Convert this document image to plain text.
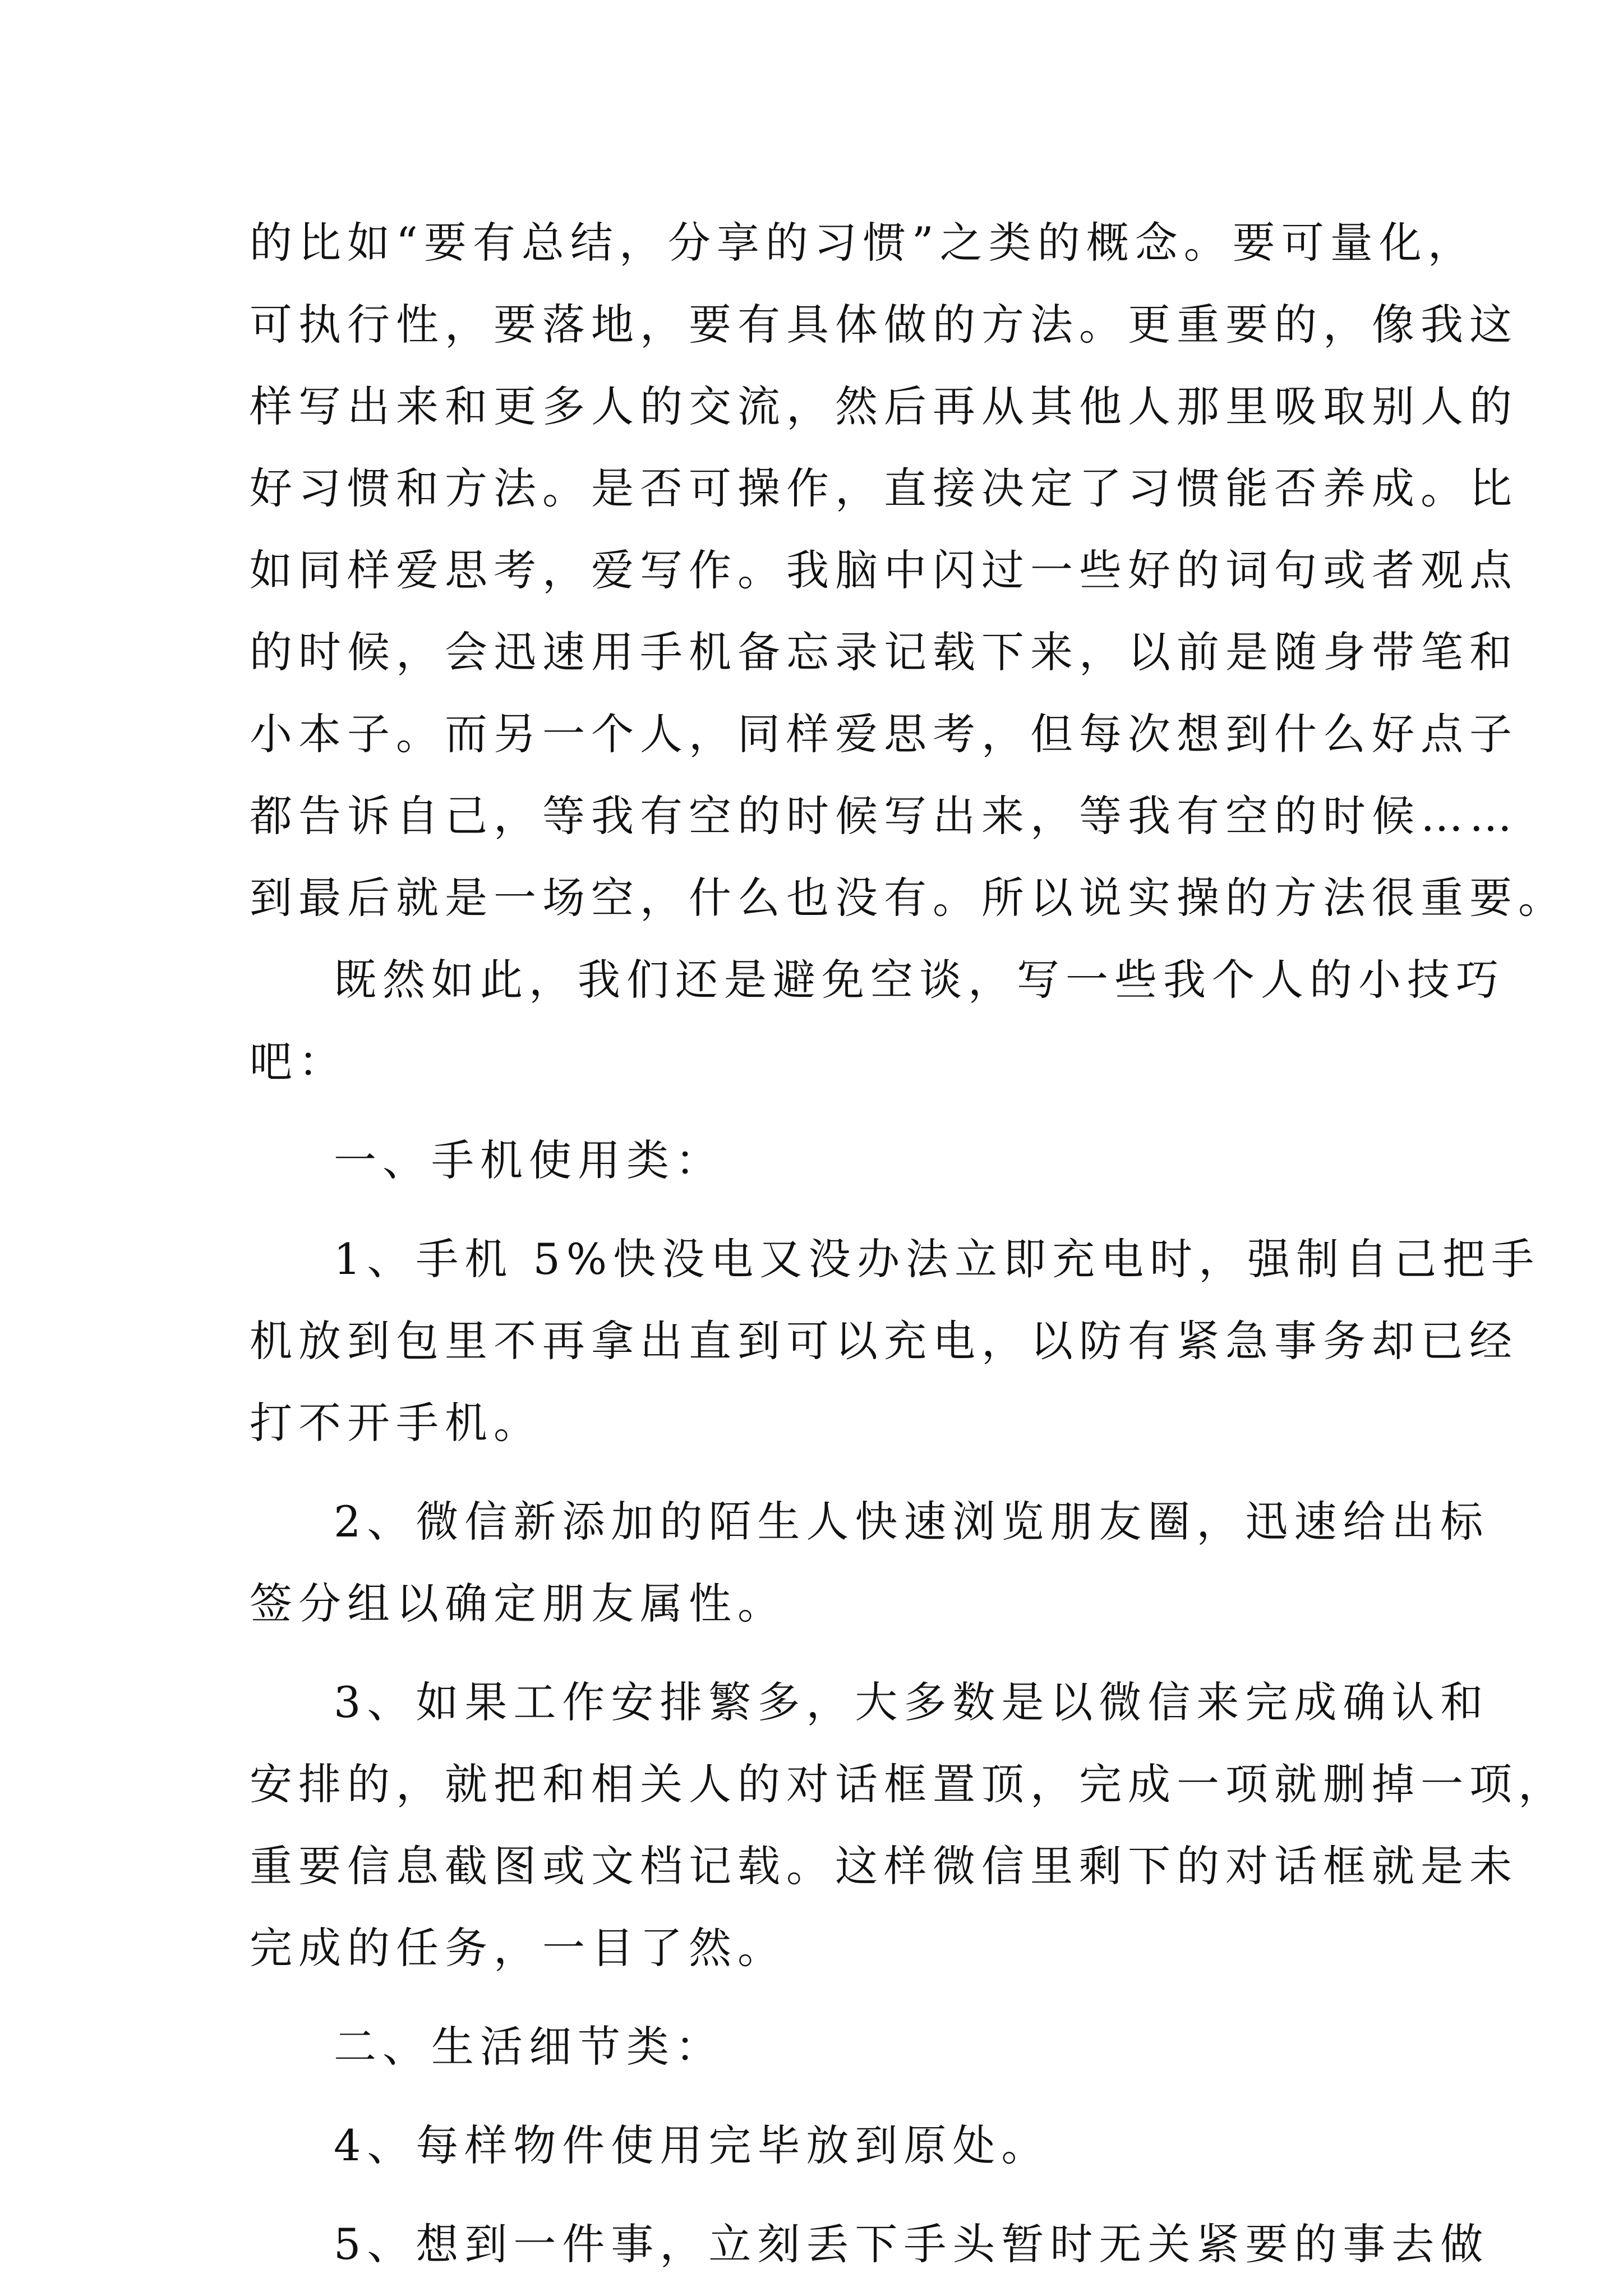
的比如“要有总结，分享的习惯”之类的概念。要可量化，
可执行性，要落地，要有具体做的方法。更重要的，像我这
样写出来和更多人的交流，然后再从其他人那里吸取别人的
好习惯和方法。是否可操作，直接决定了习惯能否养成。比
如同样爱思考，爱写作。我脑中闪过一些好的词句或者观点
的时候，会迅速用手机备忘录记载下来，以前是随身带笔和
小本子。而另一个人，同样爱思考，但每次想到什么好点子
都告诉自己，等我有空的时候写出来，等我有空的时候……
到最后就是一场空，什么也没有。所以说实操的方法很重要。
既然如此，我们还是避免空谈，写一些我个人的小技巧
吧：
一、手机使用类：
1、手机 5%快没电又没办法立即充电时，强制自己把手
机放到包里不再拿出直到可以充电，以防有紧急事务却已经
打不开手机。
2、微信新添加的陌生人快速浏览朋友圈，迅速给出标
签分组以确定朋友属性。
3、如果工作安排繁多，大多数是以微信来完成确认和
安排的，就把和相关人的对话框置顶，完成一项就删掉一项，
重要信息截图或文档记载。这样微信里剩下的对话框就是未
完成的任务，一目了然。
二、生活细节类：
4、每样物件使用完毕放到原处。
5、想到一件事，立刻丢下手头暂时无关紧要的事去做
